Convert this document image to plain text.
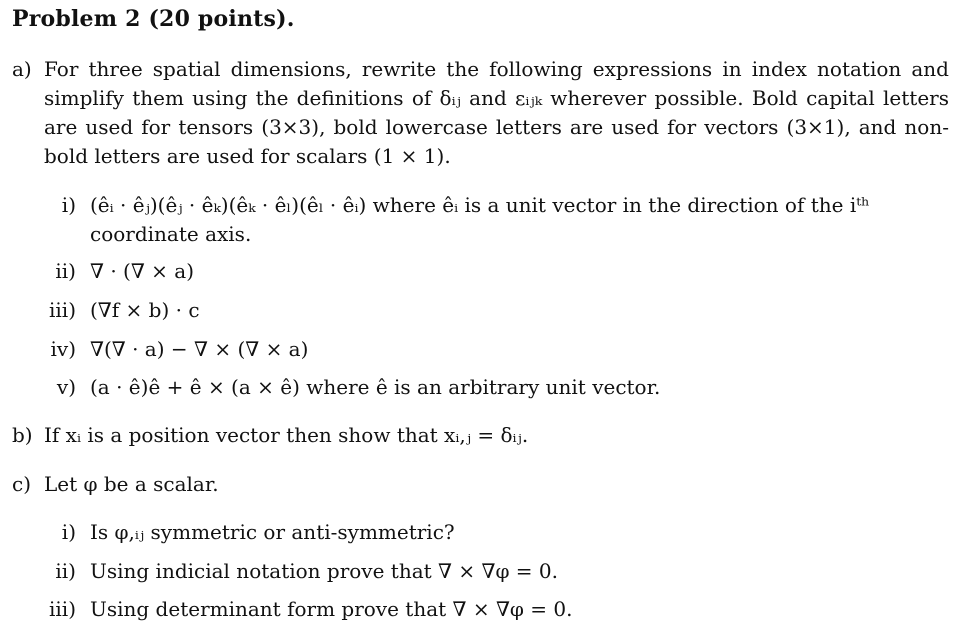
Problem 2 (20 points).
a) For three spatial dimensions, rewrite the following expressions in index notation and simplify them using the definitions of δᵢⱼ and εᵢⱼₖ wherever possible. Bold capital letters are used for tensors (3×3), bold lowercase letters are used for vectors (3×1), and non-bold letters are used for scalars (1 × 1).
i) (êᵢ · êⱼ)(êⱼ · êₖ)(êₖ · êₗ)(êₗ · êᵢ) where êᵢ is a unit vector in the direction of the iᵗʰ coordinate axis.
ii) ∇ · (∇ × a)
iii) (∇f × b) · c
iv) ∇(∇ · a) − ∇ × (∇ × a)
v) (a · ê)ê + ê × (a × ê) where ê is an arbitrary unit vector.
b) If xᵢ is a position vector then show that xᵢ,ⱼ = δᵢⱼ.
c) Let φ be a scalar.
i) Is φ,ᵢⱼ symmetric or anti-symmetric?
ii) Using indicial notation prove that ∇ × ∇φ = 0.
iii) Using determinant form prove that ∇ × ∇φ = 0.
